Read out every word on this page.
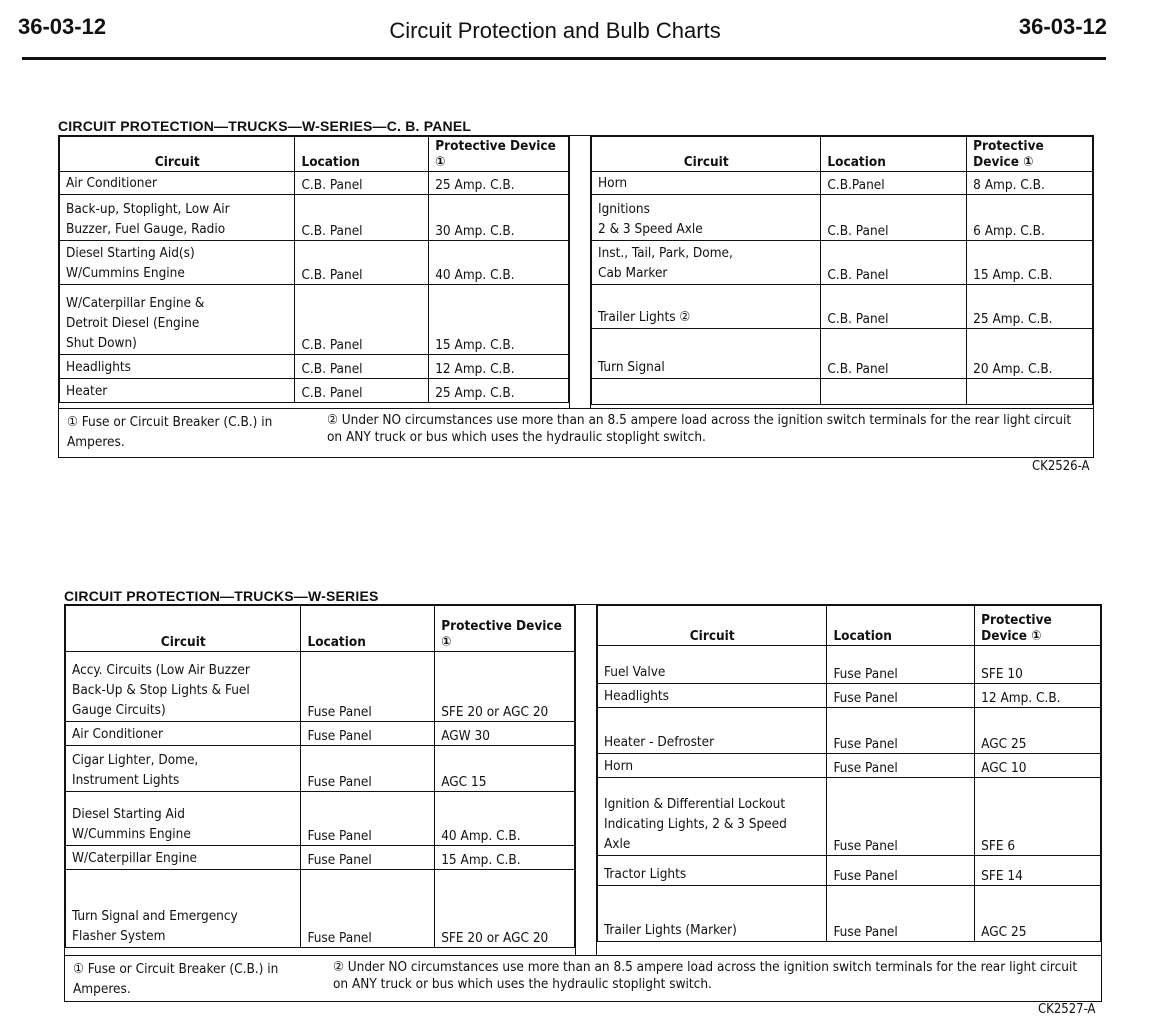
36-03-12	Circuit Protection and Bulb Charts	36-03-12
CIRCUIT PROTECTION—TRUCKS—W-SERIES—C. B. PANEL
Circuit	Location	Protective Device ①

Air Conditioner	C.B. Panel	25 Amp. C.B.

Back-up, Stoplight, Low Air
Buzzer, Fuel Gauge, Radio	C.B. Panel	30 Amp. C.B.

Diesel Starting Aid(s)
W/Cummins Engine	C.B. Panel	40 Amp. C.B.

W/Caterpillar Engine &
Detroit Diesel (Engine
Shut Down)	C.B. Panel	15 Amp. C.B.

Headlights	C.B. Panel	12 Amp. C.B.

Heater	C.B. Panel	25 Amp. C.B.
Circuit	Location	Protective Device ①

Horn	C.B.Panel	8 Amp. C.B.

Ignitions
2 & 3 Speed Axle	C.B. Panel	6 Amp. C.B.

Inst., Tail, Park, Dome,
Cab Marker	C.B. Panel	15 Amp. C.B.

Trailer Lights ②	C.B. Panel	25 Amp. C.B.

Turn Signal	C.B. Panel	20 Amp. C.B.

① Fuse or Circuit Breaker (C.B.) in Amperes.
② Under NO circumstances use more than an 8.5 ampere load across the ignition switch terminals for the rear light circuit on ANY truck or bus which uses the hydraulic stoplight switch.
CK2526-A
CIRCUIT PROTECTION—TRUCKS—W-SERIES
Circuit	Location	Protective Device ①

Accy. Circuits (Low Air Buzzer
Back-Up & Stop Lights & Fuel
Gauge Circuits)	Fuse Panel	SFE 20 or AGC 20

Air Conditioner	Fuse Panel	AGW 30

Cigar Lighter, Dome,
Instrument Lights	Fuse Panel	AGC 15

Diesel Starting Aid
W/Cummins Engine	Fuse Panel	40 Amp. C.B.

W/Caterpillar Engine	Fuse Panel	15 Amp. C.B.

Turn Signal and Emergency
Flasher System	Fuse Panel	SFE 20 or AGC 20
Circuit	Location	Protective Device ①

Fuel Valve	Fuse Panel	SFE 10

Headlights	Fuse Panel	12 Amp. C.B.

Heater - Defroster	Fuse Panel	AGC 25

Horn	Fuse Panel	AGC 10

Ignition & Differential Lockout
Indicating Lights, 2 & 3 Speed
Axle	Fuse Panel	SFE 6

Tractor Lights	Fuse Panel	SFE 14

Trailer Lights (Marker)	Fuse Panel	AGC 25
① Fuse or Circuit Breaker (C.B.) in Amperes.
② Under NO circumstances use more than an 8.5 ampere load across the ignition switch terminals for the rear light circuit on ANY truck or bus which uses the hydraulic stoplight switch.
CK2527-A
